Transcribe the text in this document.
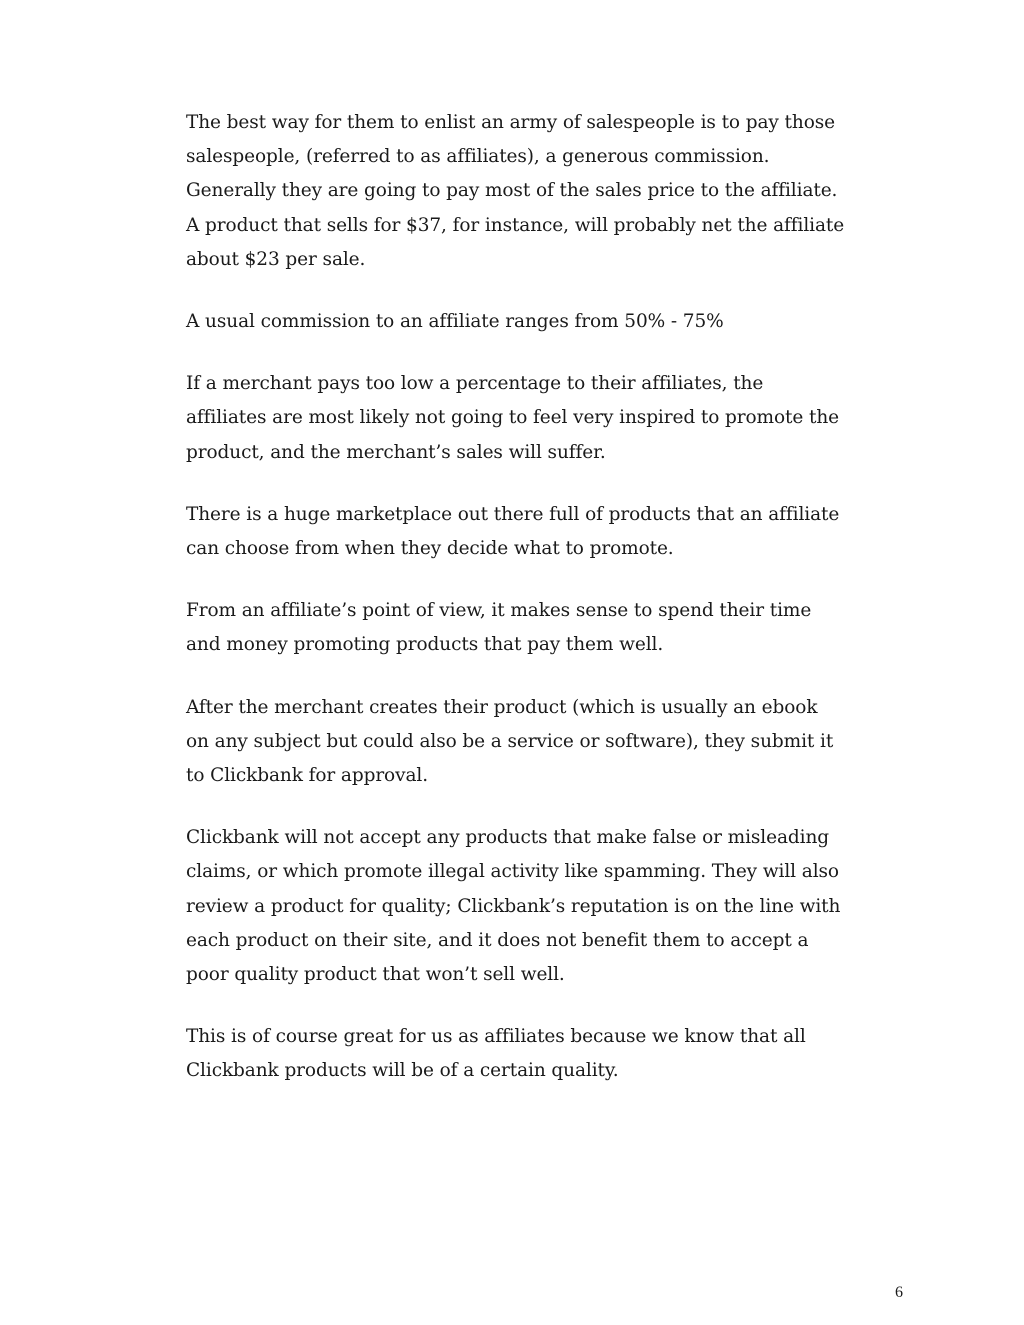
The best way for them to enlist an army of salespeople is to pay those salespeople, (referred to as affiliates), a generous commission. Generally they are going to pay most of the sales price to the affiliate. A product that sells for $37, for instance, will probably net the affiliate about $23 per sale.

A usual commission to an affiliate ranges from 50% - 75%

If a merchant pays too low a percentage to their affiliates, the affiliates are most likely not going to feel very inspired to promote the product, and the merchant’s sales will suffer.

There is a huge marketplace out there full of products that an affiliate can choose from when they decide what to promote.

From an affiliate’s point of view, it makes sense to spend their time and money promoting products that pay them well.

After the merchant creates their product (which is usually an ebook on any subject but could also be a service or software), they submit it to Clickbank for approval.

Clickbank will not accept any products that make false or misleading claims, or which promote illegal activity like spamming. They will also review a product for quality; Clickbank’s reputation is on the line with each product on their site, and it does not benefit them to accept a poor quality product that won’t sell well.

This is of course great for us as affiliates because we know that all Clickbank products will be of a certain quality.

6
